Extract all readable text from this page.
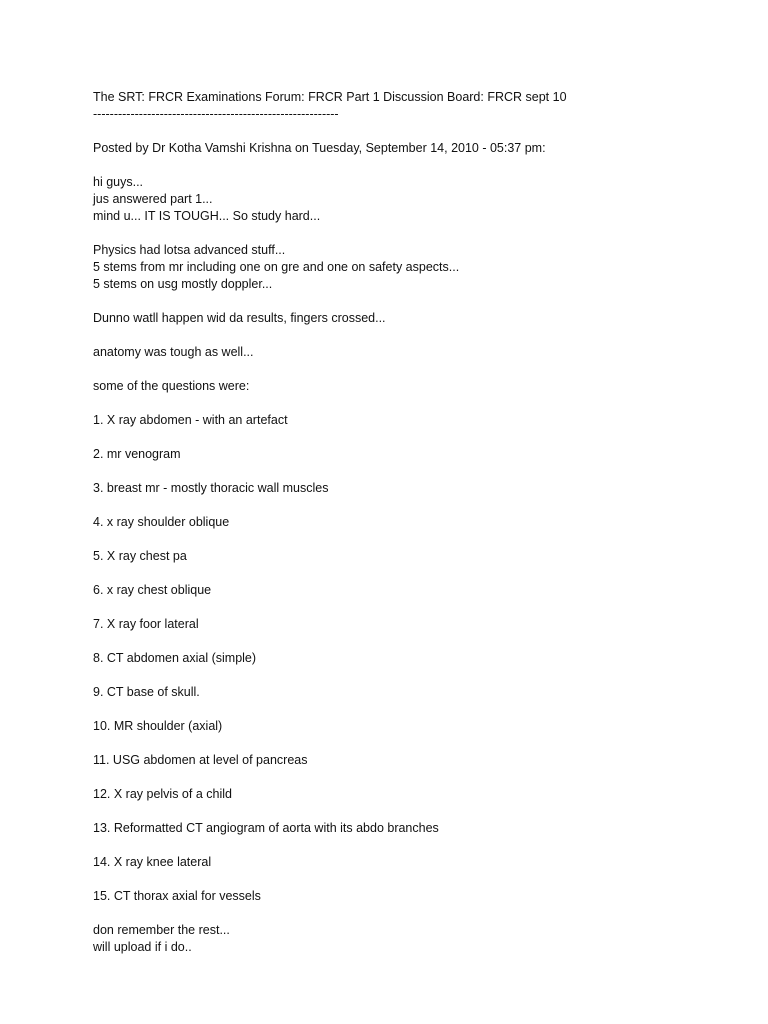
The SRT: FRCR Examinations Forum: FRCR Part 1 Discussion Board: FRCR sept 10
-----------------------------------------------------------
Posted by Dr Kotha Vamshi Krishna on Tuesday, September 14, 2010 - 05:37 pm:
hi guys...
jus answered part 1...
mind u... IT IS TOUGH... So study hard...
Physics had lotsa advanced stuff...
5 stems from mr including one on gre and one on safety aspects...
5 stems on usg mostly doppler...
Dunno watll happen wid da results, fingers crossed...
anatomy was tough as well...
some of the questions were:
1. X ray abdomen - with an artefact
2. mr venogram
3. breast mr - mostly thoracic wall muscles
4. x ray shoulder oblique
5. X ray chest pa
6. x ray chest oblique
7. X ray foor lateral
8. CT abdomen axial (simple)
9. CT base of skull.
10. MR shoulder (axial)
11. USG abdomen at level of pancreas
12. X ray pelvis of a child
13. Reformatted CT angiogram of aorta with its abdo branches
14. X ray knee lateral
15. CT thorax axial for vessels
don remember the rest...
will upload if i do..
